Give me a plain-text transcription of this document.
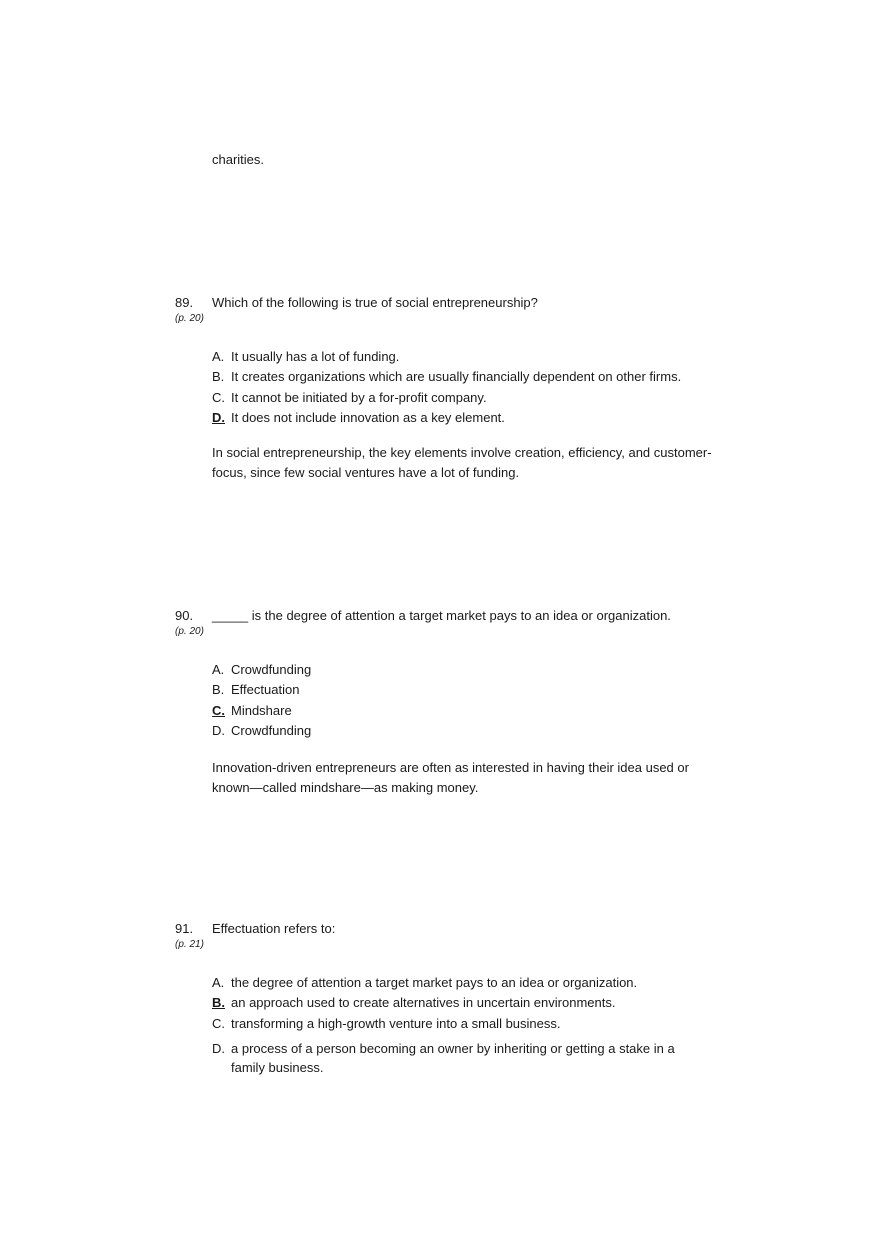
charities.
89. Which of the following is true of social entrepreneurship?
(p. 20)
A. It usually has a lot of funding.
B. It creates organizations which are usually financially dependent on other firms.
C. It cannot be initiated by a for-profit company.
D. It does not include innovation as a key element.
In social entrepreneurship, the key elements involve creation, efficiency, and customer-
focus, since few social ventures have a lot of funding.
90. _____ is the degree of attention a target market pays to an idea or organization.
(p. 20)
A. Crowdfunding
B. Effectuation
C. Mindshare
D. Crowdfunding
Innovation-driven entrepreneurs are often as interested in having their idea used or
known—called mindshare—as making money.
91. Effectuation refers to:
(p. 21)
A. the degree of attention a target market pays to an idea or organization.
B. an approach used to create alternatives in uncertain environments.
C. transforming a high-growth venture into a small business.
D. a process of a person becoming an owner by inheriting or getting a stake in a family business.
